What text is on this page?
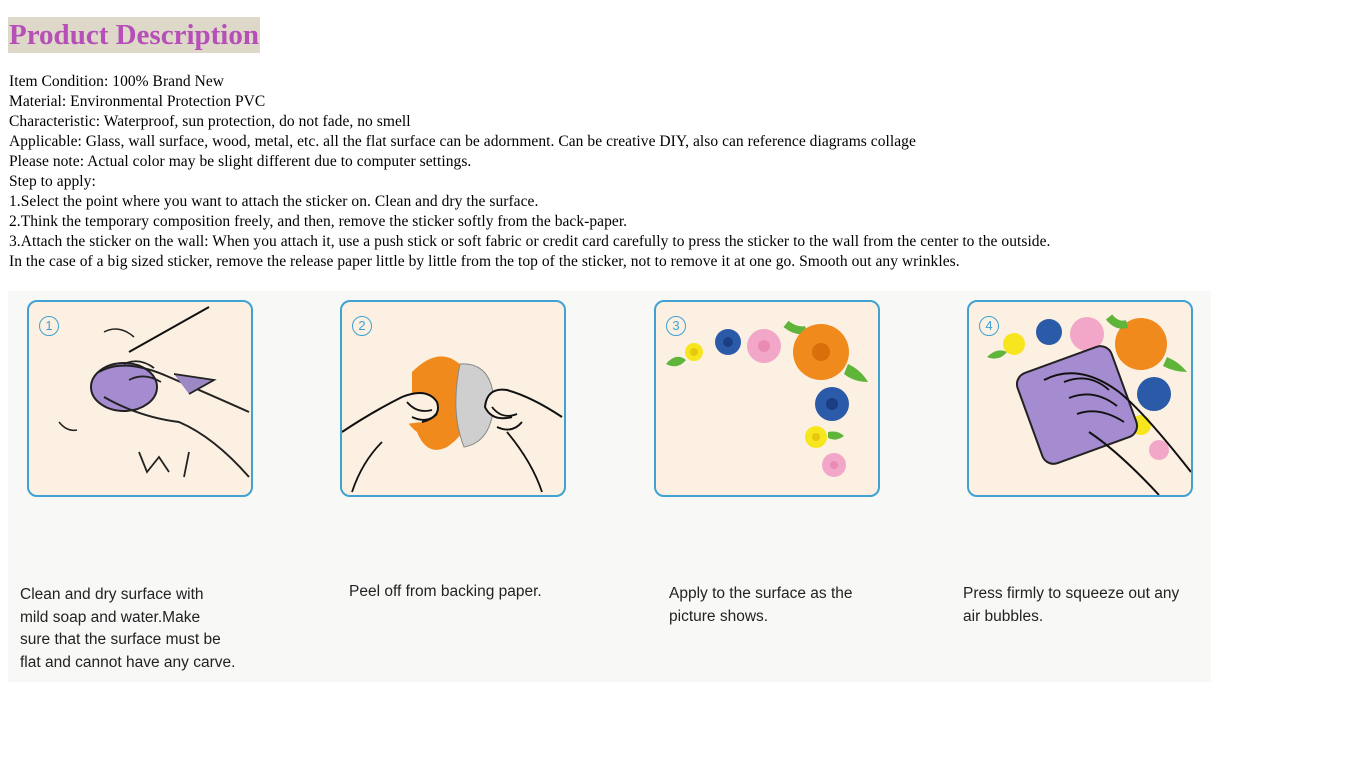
Product Description
Item Condition: 100% Brand New
Material: Environmental Protection PVC
Characteristic: Waterproof, sun protection, do not fade, no smell
Applicable: Glass, wall surface, wood, metal, etc. all the flat surface can be adornment. Can be creative DIY, also can reference diagrams collage
Please note: Actual color may be slight different due to computer settings.
Step to apply:
1.Select the point where you want to attach the sticker on. Clean and dry the surface.
2.Think the temporary composition freely, and then, remove the sticker softly from the back-paper.
3.Attach the sticker on the wall: When you attach it, use a push stick or soft fabric or credit card carefully to press the sticker to the wall from the center to the outside.
In the case of a big sized sticker, remove the release paper little by little from the top of the sticker, not to remove it at one go. Smooth out any wrinkles.
1
Clean and dry surface with
mild soap and water.Make
sure that the surface must be
flat and cannot have any carve.
2
Peel off from backing paper.
3
Apply to the surface as the
picture shows.
4
Press firmly to squeeze out any
air bubbles.
